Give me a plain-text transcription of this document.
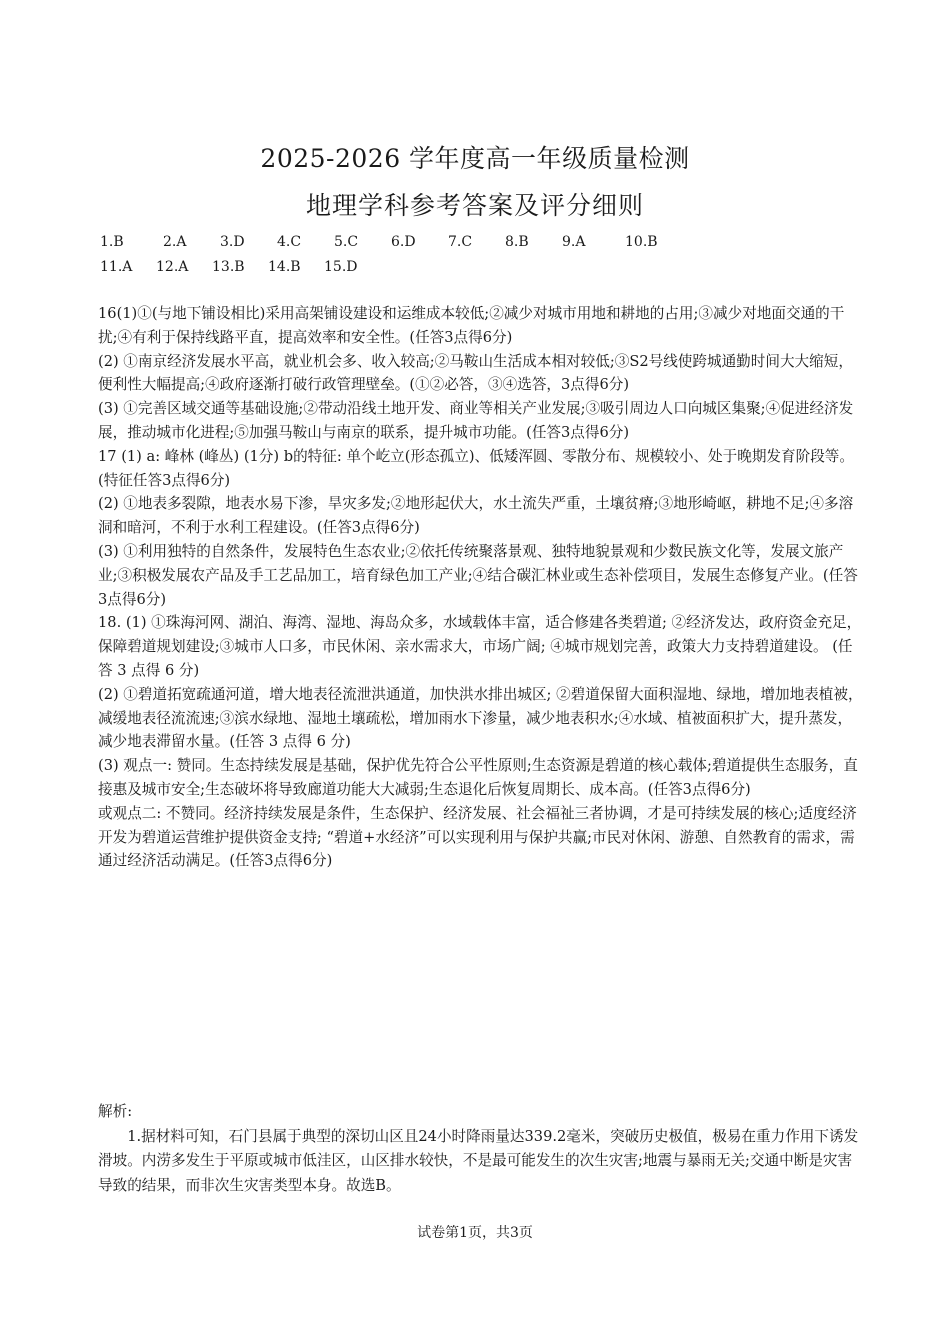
2025-2026 学年度高一年级质量检测
地理学科参考答案及评分细则
1.B	2.A 3.D 4.C 5.C 6.D 7.C 8.B 9.A	10.B
11.A 12.A 13.B 14.B 15.D

16(1)①(与地下铺设相比)采用高架铺设建设和运维成本较低;②减少对城市用地和耕地的占用;③减少对地面交通的干扰;④有利于保持线路平直，提高效率和安全性。(任答3点得6分)

(2) ①南京经济发展水平高，就业机会多、收入较高;②马鞍山生活成本相对较低;③S2号线使跨城通勤时间大大缩短，便利性大幅提高;④政府逐渐打破行政管理壁垒。(①②必答，③④选答，3点得6分)

(3) ①完善区域交通等基础设施;②带动沿线土地开发、商业等相关产业发展;③吸引周边人口向城区集聚;④促进经济发展，推动城市化进程;⑤加强马鞍山与南京的联系，提升城市功能。(任答3点得6分)

17 (1) a: 峰林 (峰丛) (1分) b的特征: 单个屹立(形态孤立)、低矮浑圆、零散分布、规模较小、处于晚期发育阶段等。(特征任答3点得6分)

(2) ①地表多裂隙，地表水易下渗，旱灾多发;②地形起伏大，水土流失严重，土壤贫瘠;③地形崎岖，耕地不足;④多溶洞和暗河，不利于水利工程建设。(任答3点得6分)

(3) ①利用独特的自然条件，发展特色生态农业;②依托传统聚落景观、独特地貌景观和少数民族文化等，发展文旅产业;③积极发展农产品及手工艺品加工，培育绿色加工产业;④结合碳汇林业或生态补偿项目，发展生态修复产业。(任答3点得6分)

18. (1) ①珠海河网、湖泊、海湾、湿地、海岛众多，水域载体丰富，适合修建各类碧道; ②经济发达，政府资金充足，保障碧道规划建设;③城市人口多，市民休闲、亲水需求大，市场广阔; ④城市规划完善，政策大力支持碧道建设。 (任答 3 点得 6 分)

(2) ①碧道拓宽疏通河道，增大地表径流泄洪通道，加快洪水排出城区; ②碧道保留大面积湿地、绿地，增加地表植被，减缓地表径流流速;③滨水绿地、湿地土壤疏松，增加雨水下渗量，减少地表积水;④水域、植被面积扩大，提升蒸发，减少地表滞留水量。(任答 3 点得 6 分)

(3) 观点一: 赞同。生态持续发展是基础，保护优先符合公平性原则;生态资源是碧道的核心载体;碧道提供生态服务，直接惠及城市安全;生态破坏将导致廊道功能大大减弱;生态退化后恢复周期长、成本高。(任答3点得6分)

或观点二: 不赞同。经济持续发展是条件，生态保护、经济发展、社会福祉三者协调，才是可持续发展的核心;适度经济开发为碧道运营维护提供资金支持; “碧道+水经济”可以实现利用与保护共赢;市民对休闲、游憩、自然教育的需求，需通过经济活动满足。(任答3点得6分)

解析:

1.据材料可知，石门县属于典型的深切山区且24小时降雨量达339.2毫米，突破历史极值，极易在重力作用下诱发滑坡。内涝多发生于平原或城市低洼区，山区排水较快，不是最可能发生的次生灾害;地震与暴雨无关;交通中断是灾害导致的结果，而非次生灾害类型本身。故选B。

试卷第1页，共3页
